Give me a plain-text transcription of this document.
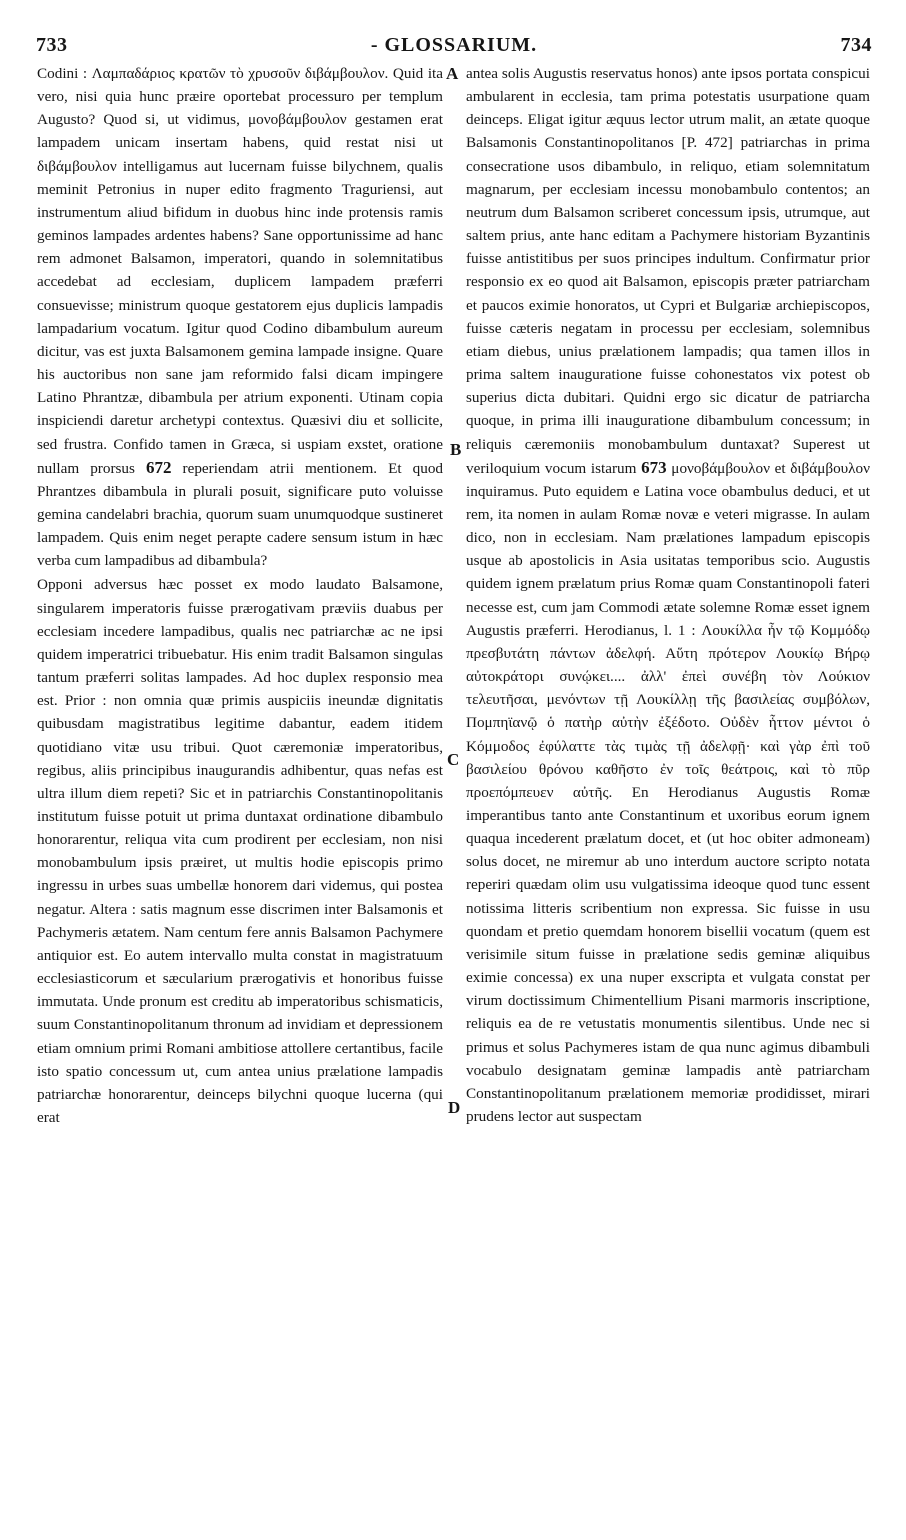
733	- GLOSSARIUM.	734
A
B
C
D

Codini : Λαμπαδάριος κρατῶν τὸ χρυσοῦν διβάμβουλον. Quid ita vero, nisi quia hunc præire oportebat processuro per templum Augusto? Quod si, ut vidimus, μονοβάμβουλον gestamen erat lampadem unicam insertam habens, quid restat nisi ut διβάμβουλον intelligamus aut lucernam fuisse bilychnem, qualis meminit Petronius in nuper edito fragmento Traguriensi, aut instrumentum aliud bifidum in duobus hinc inde protensis ramis geminos lampades ardentes habens? Sane opportunissime ad hanc rem admonet Balsamon, imperatori, quando in solemnitatibus accedebat ad ecclesiam, duplicem lampadem præferri consuevisse; ministrum quoque gestatorem ejus duplicis lampadis lampadarium vocatum. Igitur quod Codino dibambulum aureum dicitur, vas est juxta Balsamonem gemina lampade insigne. Quare his auctoribus non sane jam reformido falsi dicam impingere Latino Phrantzæ, dibambula per atrium exponenti. Utinam copia inspiciendi daretur archetypi contextus. Quæsivi diu et sollicite, sed frustra. Confido tamen in Græca, si uspiam exstet, oratione nullam prorsus 672 reperiendam atrii mentionem. Et quod Phrantzes dibambula in plurali posuit, significare puto voluisse gemina candelabri brachia, quorum suam unumquodque sustineret lampadem. Quis enim neget perapte cadere sensum istum in hæc verba cum lampadibus ad dibambula?

Opponi adversus hæc posset ex modo laudato Balsamone, singularem imperatoris fuisse prærogativam præviis duabus per ecclesiam incedere lampadibus, qualis nec patriarchæ ac ne ipsi quidem imperatrici tribuebatur. His enim tradit Balsamon singulas tantum præferri solitas lampades. Ad hoc duplex responsio mea est. Prior : non omnia quæ primis auspiciis ineundæ dignitatis quibusdam magistratibus legitime dabantur, eadem itidem quotidiano vitæ usu tribui. Quot cæremoniæ imperatoribus, regibus, aliis principibus inaugurandis adhibentur, quas nefas est ultra illum diem repeti? Sic et in patriarchis Constantinopolitanis institutum fuisse potuit ut prima duntaxat ordinatione dibambulo honorarentur, reliqua vita cum prodirent per ecclesiam, non nisi monobambulum ipsis præiret, ut multis hodie episcopis primo ingressu in urbes suas umbellæ honorem dari videmus, qui postea negatur. Altera : satis magnum esse discrimen inter Balsamonis et Pachymeris ætatem. Nam centum fere annis Balsamon Pachymere antiquior est. Eo autem intervallo multa constat in magistratuum ecclesiasticorum et sæcularium prærogativis et honoribus fuisse immutata. Unde pronum est creditu ab imperatoribus schismaticis, suum Constantinopolitanum thronum ad invidiam et depressionem etiam omnium primi Romani ambitiose attollere certantibus, facile isto spatio concessum ut, cum antea unius prælatione lampadis patriarchæ honorarentur, deinceps bilychni quoque lucerna (qui erat

antea solis Augustis reservatus honos) ante ipsos portata conspicui ambularent in ecclesia, tam prima potestatis usurpatione quam deinceps. Eligat igitur æquus lector utrum malit, an ætate quoque Balsamonis Constantinopolitanos [P. 472] patriarchas in prima consecratione usos dibambulo, in reliquo, etiam solemnitatum magnarum, per ecclesiam incessu monobambulo contentos; an neutrum dum Balsamon scriberet concessum ipsis, utrumque, aut saltem prius, ante hanc editam a Pachymere historiam Byzantinis fuisse antistitibus per suos principes indultum. Confirmatur prior responsio ex eo quod ait Balsamon, episcopis præter patriarcham et paucos eximie honoratos, ut Cypri et Bulgariæ archiepiscopos, fuisse cæteris negatam in processu per ecclesiam, solemnibus etiam diebus, unius prælationem lampadis; qua tamen illos in prima saltem inauguratione fuisse cohonestatos vix potest ob superius dicta dubitari. Quidni ergo sic dicatur de patriarcha quoque, in prima illi inauguratione dibambulum concessum; in reliquis cæremoniis monobambulum duntaxat? Superest ut veriloquium vocum istarum 673 μονοβάμβουλον et διβάμβουλον inquiramus. Puto equidem e Latina voce obambulus deduci, et ut rem, ita nomen in aulam Romæ novæ e veteri migrasse. In aulam dico, non in ecclesiam. Nam prælationes lampadum episcopis usque ab apostolicis in Asia usitatas temporibus scio. Augustis quidem ignem prælatum prius Romæ quam Constantinopoli fateri necesse est, cum jam Commodi ætate solemne Romæ esset ignem Augustis præferri. Herodianus, l. 1 : Λουκίλλα ἦν τῷ Κομμόδῳ πρεσβυτάτη πάντων ἀδελφή. Αὕτη πρότερον Λουκίῳ Βήρῳ αὐτοκράτορι συνῴκει.... ἀλλ' ἐπεὶ συνέβη τὸν Λούκιον τελευτῆσαι, μενόντων τῇ Λουκίλλῃ τῆς βασιλείας συμβόλων, Πομπηϊανῷ ὁ πατὴρ αὐτὴν ἐξέδοτο. Οὐδὲν ἧττον μέντοι ὁ Κόμμοδος ἐφύλαττε τὰς τιμὰς τῇ ἀδελφῇ· καὶ γὰρ ἐπὶ τοῦ βασιλείου θρόνου καθῆστο ἐν τοῖς θεάτροις, καὶ τὸ πῦρ προεπόμπευεν αὐτῆς. En Herodianus Augustis Romæ imperantibus tanto ante Constantinum et uxoribus eorum ignem quaqua incederent prælatum docet, et (ut hoc obiter admoneam) solus docet, ne miremur ab uno interdum auctore scripto notata reperiri quædam olim usu vulgatissima ideoque quod tunc essent notissima litteris scribentium non expressa. Sic fuisse in usu quondam et pretio quemdam honorem bisellii vocatum (quem est verisimile situm fuisse in prælatione sedis geminæ aliquibus eximie concessa) ex una nuper exscripta et vulgata constat per virum doctissimum Chimentellium Pisani marmoris inscriptione, reliquis ea de re vetustatis monumentis silentibus. Unde nec si primus et solus Pachymeres istam de qua nunc agimus dibambuli vocabulo designatam geminæ lampadis antè patriarcham Constantinopolitanum prælationem memoriæ prodidisset, mirari prudens lector aut suspectam
